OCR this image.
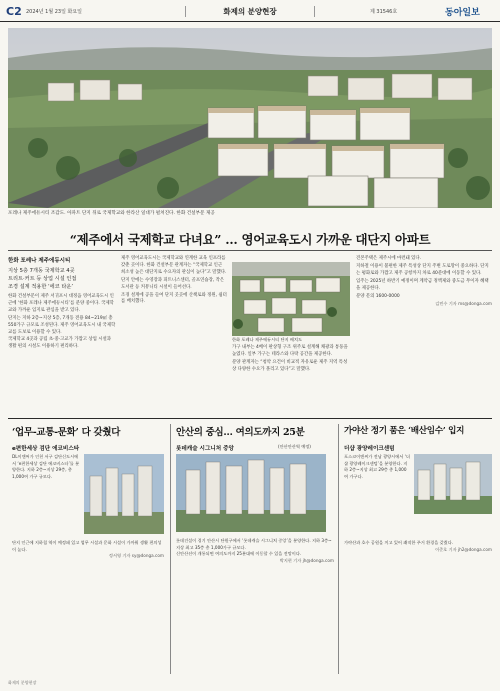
C2 2024년 1월 23일 화요일	화제의 분양현장	제 31546호	동아일보
포레나 제주에듀시티 조감도. 아파트 단지 뒤로 국제학교와 한라산 일대가 펼쳐진다. 한화 건설부문 제공
“제주에서 국제학교 다녀요” … 영어교육도시 가까운 대단지 아파트
한화 포레나 제주에듀시티
지상 5층 7개동 국제학교 4곳
트리트·커트 등 상업 시설 인접
조경 설계 적용한 ‘에코 타운’

한화 건설부문이 제주 서귀포시 대정읍 영어교육도시 인근에 ‘한화 포레나 제주에듀시티’를 분양 중이다. 국제학교와 가까운 입지로 관심을 받고 있다.

단지는 지하 2층~지상 5층, 7개동 전용 84~219㎡ 총 550가구 규모로 조성된다. 제주 영어교육도시 내 국제학교를 도보로 이용할 수 있다.

국제학교 4곳과 공립 초·중·고교가 가깝고 상업 시설과 생활 편의 시설도 이용하기 편리하다.

제주 영어교육도시는 국제학교와 연계한 교육 인프라를 갖춘 곳이다. 한화 건설부문 관계자는 “국제학교 인근 희소성 높은 대단지로 수요자의 관심이 높다”고 말했다.

단지 안에는 수영장과 피트니스센터, 골프연습장, 작은 도서관 등 커뮤니티 시설이 들어선다.

조경 설계에 공을 들여 단지 곳곳에 산책로와 정원, 쉼터를 배치했다.

한화 포레나 제주에듀시티 단지 배치도

가구 내부는 4베이 판상형 구조 위주로 설계해 채광과 통풍을 높였다. 일부 가구는 테라스와 다락 공간을 제공한다.

분양 관계자는 “청약 요건이 비교적 자유로운 제주 지역 특성상 다양한 수요가 몰리고 있다”고 말했다.

견본주택은 제주시에 마련돼 있다.

지하철 이용이 불편한 제주 특성상 단지 주변 도로망이 중요하다. 단지는 평화로와 가깝고 제주 공항까지 차로 40분대에 이동할 수 있다.

입주는 2025년 하반기 예정이며 계약금 정액제와 중도금 무이자 혜택을 제공한다.

분양 문의 1600-0000

김민수 기자 ms@donga.com

‘업무-교통-문화’ 다 갖췄다
e편한세상 검단 에코비스타

DL이앤씨가 인천 서구 검단신도시에서 ‘e편한세상 검단 에코비스타’를 분양한다. 지하 2층~지상 29층, 총 1,000여 가구 규모다.

단지 인근에 지하철 역이 예정돼 있고 업무 시설과 문화 시설이 가까워 생활 편의성이 높다.

정서영 기자 sy@donga.com

안산의 중심… 여의도까지 25분
롯데캐슬 시그니처 중앙	(안산안산역 예정)

롯데건설이 경기 안산시 단원구에서 ‘롯데캐슬 시그니처 중앙’을 분양한다. 지하 3층~지상 최고 35층 총 1,000가구 규모다.

신안산선이 개통되면 여의도까지 25분대에 이동할 수 있을 전망이다.

박지현 기자 jh@donga.com

가야산 정기 품은 ‘배산임수’ 입지
더샵 광양레이크센텀

포스코이앤씨가 전남 광양시에서 ‘더샵 광양레이크센텀’을 분양한다. 지하 2층~지상 최고 29층 총 1,000여 가구다.

가야산과 호수 공원을 끼고 있어 쾌적한 주거 환경을 갖췄다.

이준호 기자 jh2@donga.com

화제의 분양현장
